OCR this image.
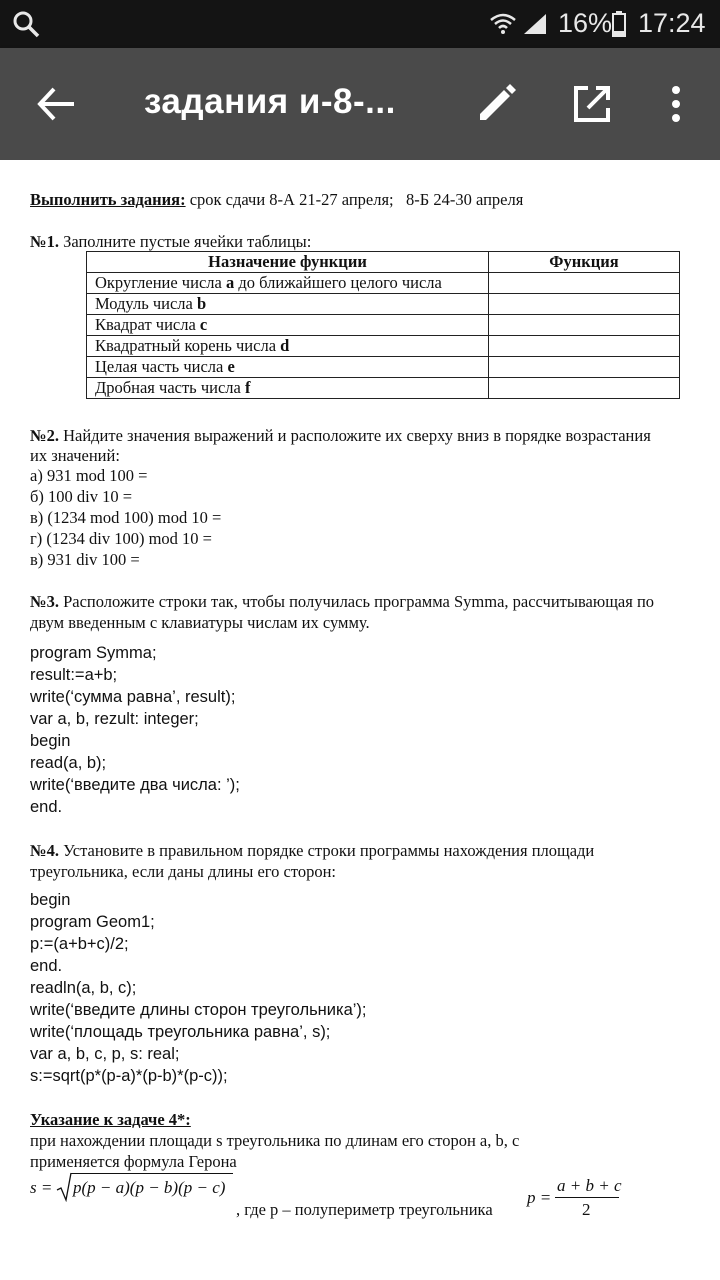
16% 17:24
задания и-8-...
Выполнить задания: срок сдачи 8-А 21-27 апреля;   8-Б 24-30 апреля
№1. Заполните пустые ячейки таблицы:
Назначение функции	Функция
Округление числа a до ближайшего целого числа	
Модуль числа b	
Квадрат числа c	
Квадратный корень числа d	
Целая часть числа e	
Дробная часть числа f	
№2. Найдите значения выражений и расположите их сверху вниз в порядке возрастания
их значений:
а) 931 mod 100 =
б) 100 div 10 =
в) (1234 mod 100) mod 10 =
г) (1234 div 100) mod 10 =
в) 931 div 100 =
№3. Расположите строки так, чтобы получилась программа Symma, рассчитывающая по
двум введенным с клавиатуры числам их сумму.
program Symma;
result:=a+b;
write(‘сумма равна’, result);
var a, b, rezult: integer;
begin
read(a, b);
write(‘введите два числа: ’);
end.
№4. Установите в правильном порядке строки программы нахождения площади
треугольника, если даны длины его сторон:
begin
program Geom1;
p:=(a+b+c)/2;
end.
readln(a, b, c);
write(‘введите длины сторон треугольника’);
write(‘площадь треугольника равна’, s);
var a, b, c, p, s: real;
s:=sqrt(p*(p-a)*(p-b)*(p-c));
Указание к задаче 4*:
при нахождении площади s треугольника по длинам его сторон a, b, c
применяется формула Герона
s = p(p − a)(p − b)(p − c)
, где p – полупериметр треугольника
p =
a + b + c
2
